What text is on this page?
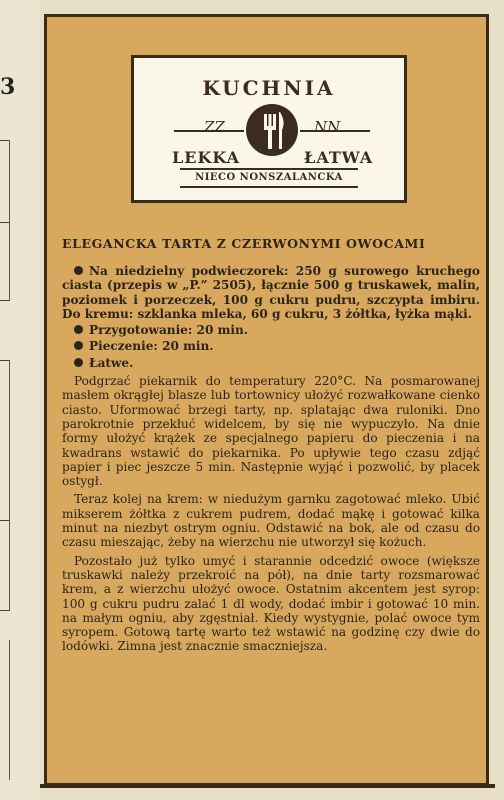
3	KUCHNIA
ZZ	NN
LEKKA	ŁATWA
NIECO NONSZALANCKA
ELEGANCKA TARTA Z CZERWONYMI OWOCAMI

Na niedzielny podwieczorek: 250 g surowego kruchego ciasta (przepis w „P.” 2505), łącznie 500 g truskawek, malin, poziomek i porzeczek, 100 g cukru pudru, szczypta imbiru. Do kremu: szklanka mleka, 60 g cukru, 3 żółtka, łyżka mąki.

Przygotowanie: 20 min.
Pieczenie: 20 min.
Łatwe.

Podgrzać piekarnik do temperatury 220°C. Na posmarowanej masłem okrągłej blasze lub tortownicy ułożyć rozwałkowane cienko ciasto. Uformować brzegi tarty, np. splatając dwa ruloniki. Dno parokrotnie przekłuć widelcem, by się nie wypuczyło. Na dnie formy ułożyć krążek ze specjalnego papieru do pieczenia i na kwadrans wstawić do piekarnika. Po upływie tego czasu zdjąć papier i piec jeszcze 5 min. Następnie wyjąć i pozwolić, by placek ostygł.

Teraz kolej na krem: w niedużym garnku zagotować mleko. Ubić mikserem żółtka z cukrem pudrem, dodać mąkę i gotować kilka minut na niezbyt ostrym ogniu. Odstawić na bok, ale od czasu do czasu mieszając, żeby na wierzchu nie utworzył się kożuch.

Pozostało już tylko umyć i starannie odcedzić owoce (większe truskawki należy przekroić na pół), na dnie tarty rozsmarować krem, a z wierzchu ułożyć owoce. Ostatnim akcentem jest syrop: 100 g cukru pudru zalać 1 dl wody, dodać imbir i gotować 10 min. na małym ogniu, aby zgęstniał. Kiedy wystygnie, polać owoce tym syropem. Gotową tartę warto też wstawić na godzinę czy dwie do lodówki. Zimna jest znacznie smaczniejsza.
